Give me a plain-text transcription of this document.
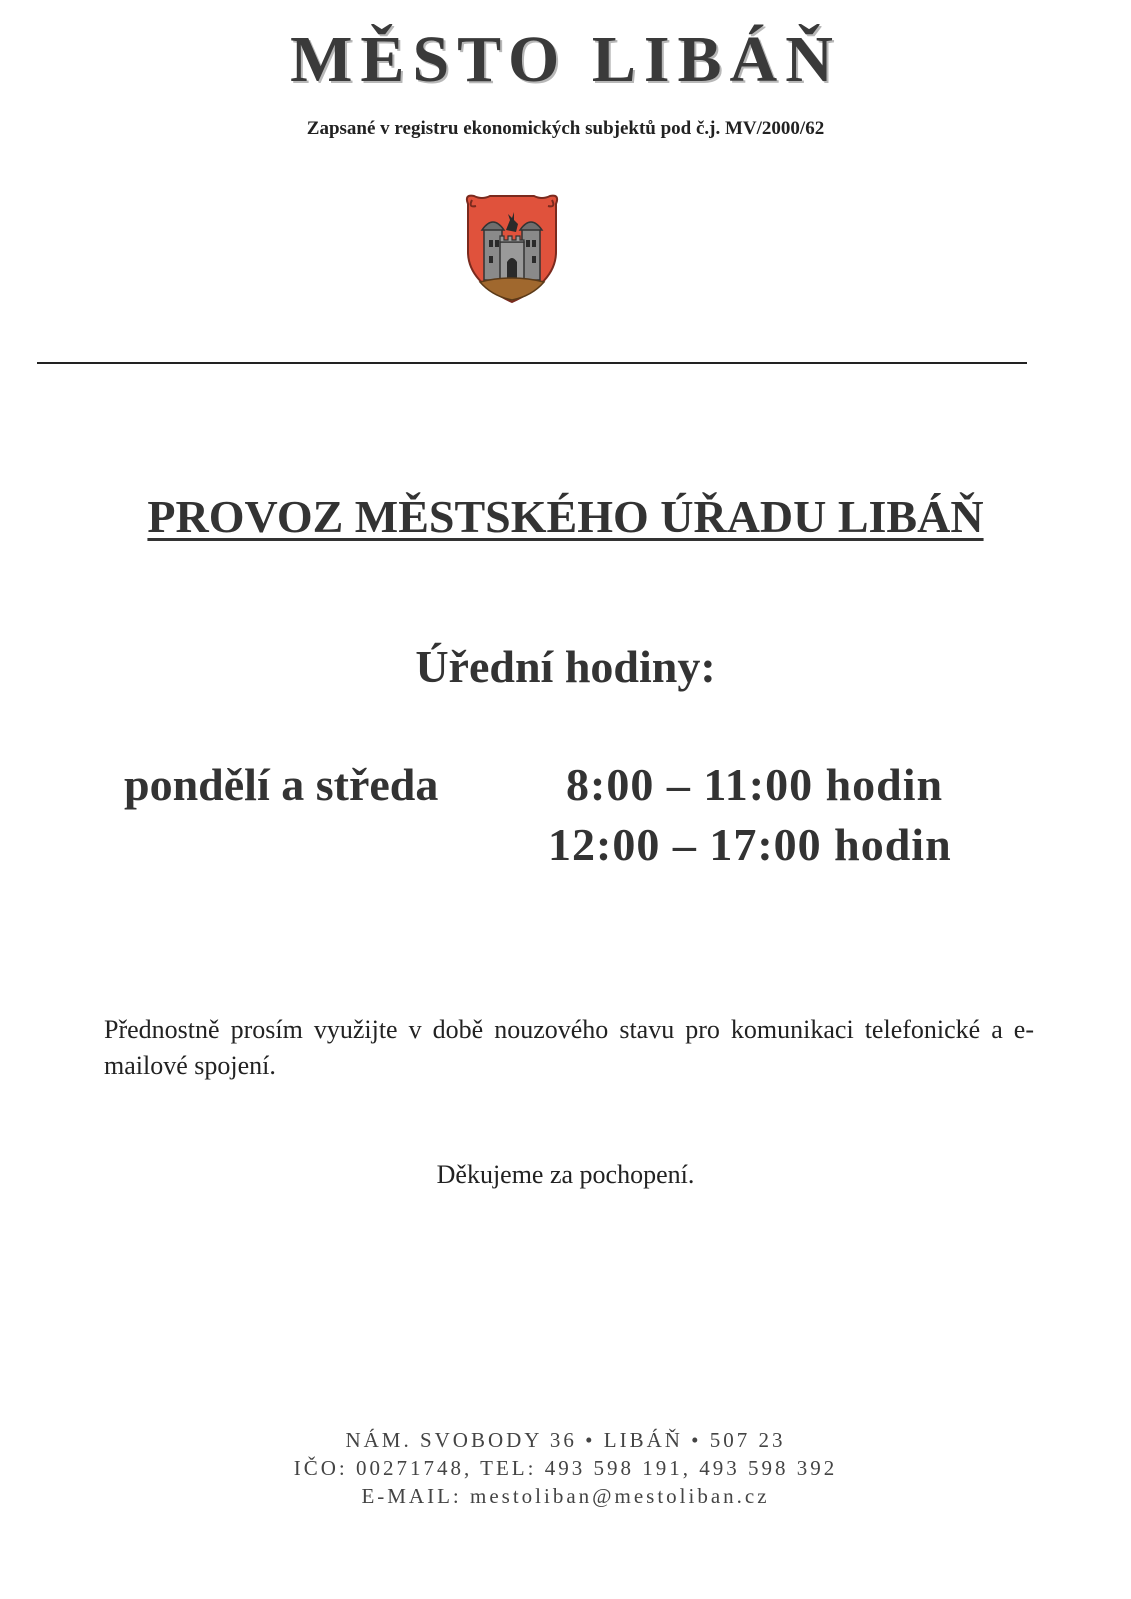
MĚSTO LIBÁŇ
Zapsané v registru ekonomických subjektů pod č.j. MV/2000/62
PROVOZ MĚSTSKÉHO ÚŘADU LIBÁŇ
Úřední hodiny:
pondělí a středa	8:00 – 11:00 hodin
12:00 – 17:00 hodin
Přednostně prosím využijte v době nouzového stavu pro komunikaci telefonické a e-mailové spojení.
Děkujeme za pochopení.
NÁM. SVOBODY 36 • LIBÁŇ • 507 23
IČO: 00271748, TEL: 493 598 191, 493 598 392
E-MAIL: mestoliban@mestoliban.cz
